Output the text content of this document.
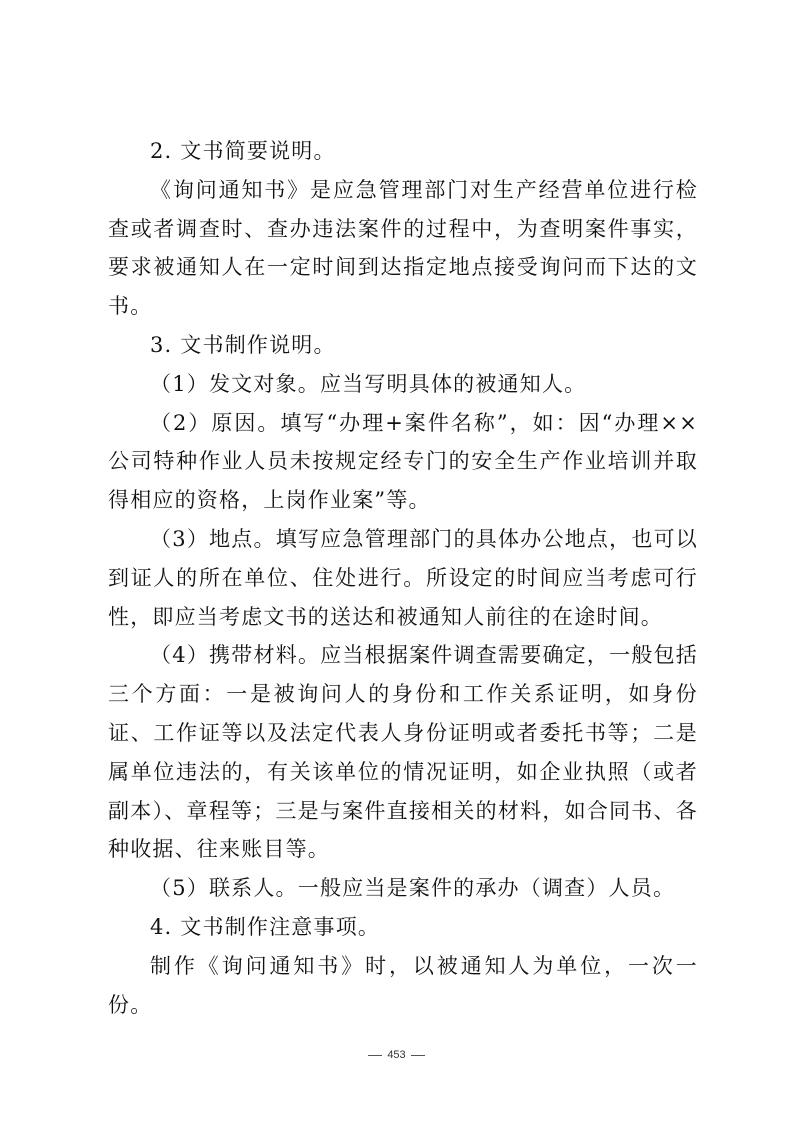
2. 文书简要说明。

《询问通知书》是应急管理部门对生产经营单位进行检查或者调查时、查办违法案件的过程中，为查明案件事实，要求被通知人在一定时间到达指定地点接受询问而下达的文书。

3. 文书制作说明。

（1）发文对象。应当写明具体的被通知人。

（2）原因。填写“办理+案件名称”，如：因“办理××公司特种作业人员未按规定经专门的安全生产作业培训并取得相应的资格，上岗作业案”等。

（3）地点。填写应急管理部门的具体办公地点，也可以到证人的所在单位、住处进行。所设定的时间应当考虑可行性，即应当考虑文书的送达和被通知人前往的在途时间。

（4）携带材料。应当根据案件调查需要确定，一般包括三个方面：一是被询问人的身份和工作关系证明，如身份证、工作证等以及法定代表人身份证明或者委托书等；二是属单位违法的，有关该单位的情况证明，如企业执照（或者副本）、章程等；三是与案件直接相关的材料，如合同书、各种收据、往来账目等。

（5）联系人。一般应当是案件的承办（调查）人员。

4. 文书制作注意事项。

制作《询问通知书》时，以被通知人为单位，一次一份。

453
